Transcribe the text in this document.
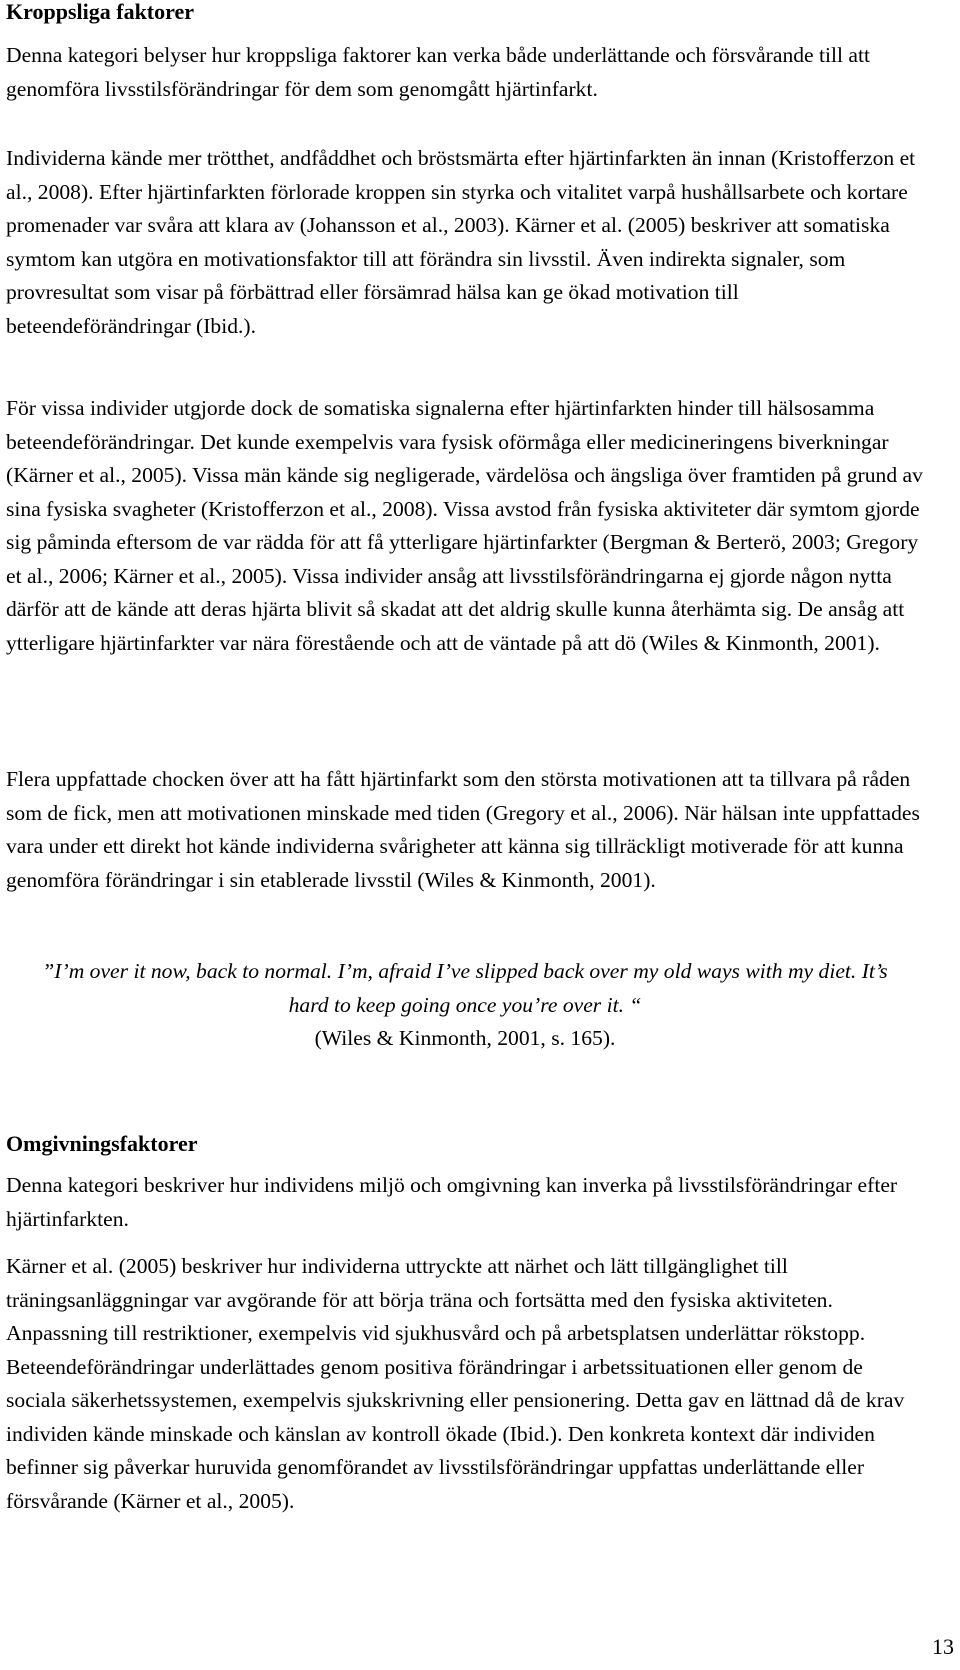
Kroppsliga faktorer

Denna kategori belyser hur kroppsliga faktorer kan verka både underlättande och försvårande till att genomföra livsstilsförändringar för dem som genomgått hjärtinfarkt.

Individerna kände mer trötthet, andfåddhet och bröstsmärta efter hjärtinfarkten än innan (Kristofferzon et al., 2008). Efter hjärtinfarkten förlorade kroppen sin styrka och vitalitet varpå hushållsarbete och kortare promenader var svåra att klara av (Johansson et al., 2003). Kärner et al. (2005) beskriver att somatiska symtom kan utgöra en motivationsfaktor till att förändra sin livsstil. Även indirekta signaler, som provresultat som visar på förbättrad eller försämrad hälsa kan ge ökad motivation till beteendeförändringar (Ibid.).

För vissa individer utgjorde dock de somatiska signalerna efter hjärtinfarkten hinder till hälsosamma beteendeförändringar. Det kunde exempelvis vara fysisk oförmåga eller medicineringens biverkningar (Kärner et al., 2005). Vissa män kände sig negligerade, värdelösa och ängsliga över framtiden på grund av sina fysiska svagheter (Kristofferzon et al., 2008). Vissa avstod från fysiska aktiviteter där symtom gjorde sig påminda eftersom de var rädda för att få ytterligare hjärtinfarkter (Bergman & Berterö, 2003; Gregory et al., 2006; Kärner et al., 2005). Vissa individer ansåg att livsstilsförändringarna ej gjorde någon nytta därför att de kände att deras hjärta blivit så skadat att det aldrig skulle kunna återhämta sig. De ansåg att ytterligare hjärtinfarkter var nära förestående och att de väntade på att dö (Wiles & Kinmonth, 2001).

Flera uppfattade chocken över att ha fått hjärtinfarkt som den största motivationen att ta tillvara på råden som de fick, men att motivationen minskade med tiden (Gregory et al., 2006). När hälsan inte uppfattades vara under ett direkt hot kände individerna svårigheter att känna sig tillräckligt motiverade för att kunna genomföra förändringar i sin etablerade livsstil (Wiles & Kinmonth, 2001).

”I’m over it now, back to normal. I’m, afraid I’ve slipped back over my old ways with my diet. It’s hard to keep going once you’re over it. “
(Wiles & Kinmonth, 2001, s. 165).

Omgivningsfaktorer

Denna kategori beskriver hur individens miljö och omgivning kan inverka på livsstilsförändringar efter hjärtinfarkten.

Kärner et al. (2005) beskriver hur individerna uttryckte att närhet och lätt tillgänglighet till träningsanläggningar var avgörande för att börja träna och fortsätta med den fysiska aktiviteten. Anpassning till restriktioner, exempelvis vid sjukhusvård och på arbetsplatsen underlättar rökstopp. Beteendeförändringar underlättades genom positiva förändringar i arbetssituationen eller genom de sociala säkerhetssystemen, exempelvis sjukskrivning eller pensionering. Detta gav en lättnad då de krav individen kände minskade och känslan av kontroll ökade (Ibid.). Den konkreta kontext där individen befinner sig påverkar huruvida genomförandet av livsstilsförändringar uppfattas underlättande eller försvårande (Kärner et al., 2005).

13
